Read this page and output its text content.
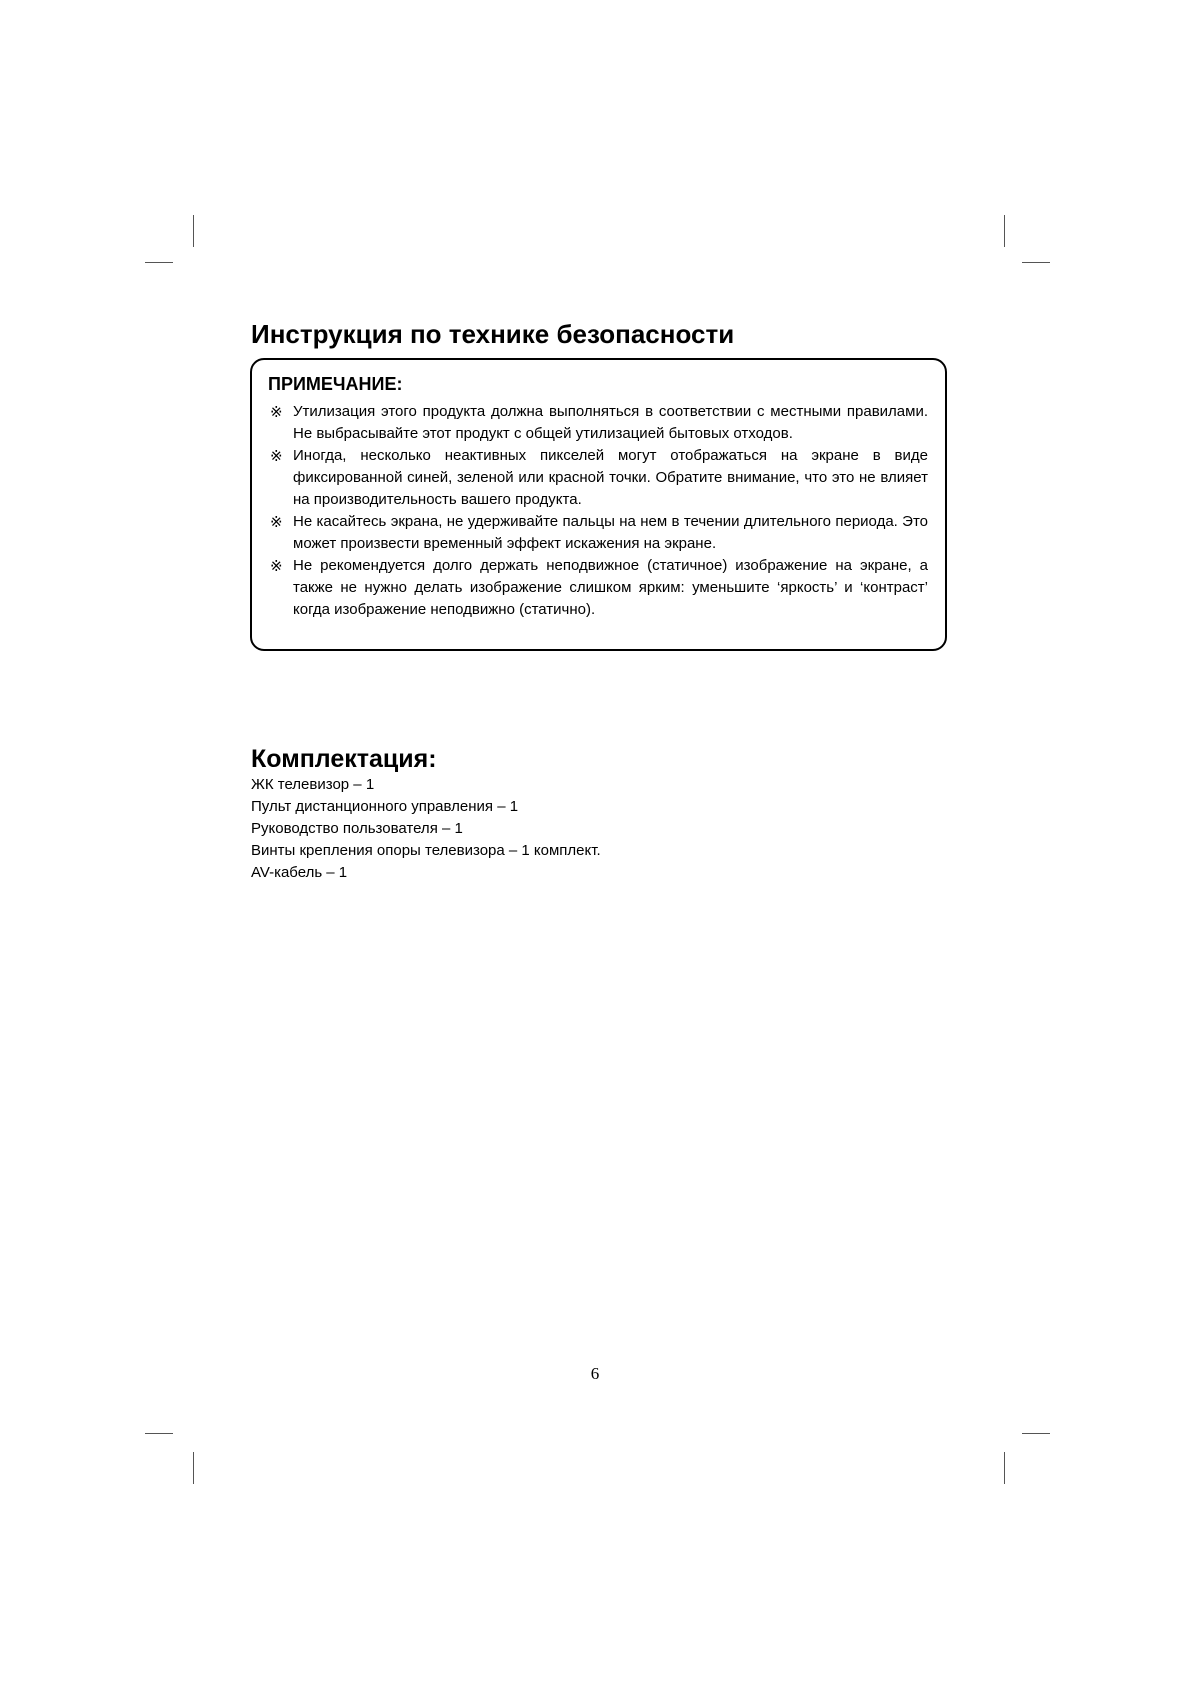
Инструкция по технике безопасности
ПРИМЕЧАНИЕ:
※
Утилизация этого продукта должна выполняться в соответствии с местными правилами. Не выбрасывайте этот продукт с общей утилизацией бытовых отходов.
※
Иногда, несколько неактивных пикселей могут отображаться на экране в виде фиксированной синей, зеленой или красной точки. Обратите внимание, что это не влияет на производительность вашего продукта.
※
Не касайтесь экрана, не удерживайте пальцы на нем в течении длительного периода. Это может произвести временный эффект искажения на экране.
※
Не рекомендуется долго держать неподвижное (статичное) изображение на экране, а также не нужно делать изображение слишком ярким: уменьшите ‘яркость’ и ‘контраст’ когда изображение неподвижно (статично).
Комплектация:
ЖК телевизор – 1
Пульт дистанционного управления – 1
Руководство пользователя – 1
Винты крепления опоры телевизора – 1 комплект.
AV-кабель – 1
6
